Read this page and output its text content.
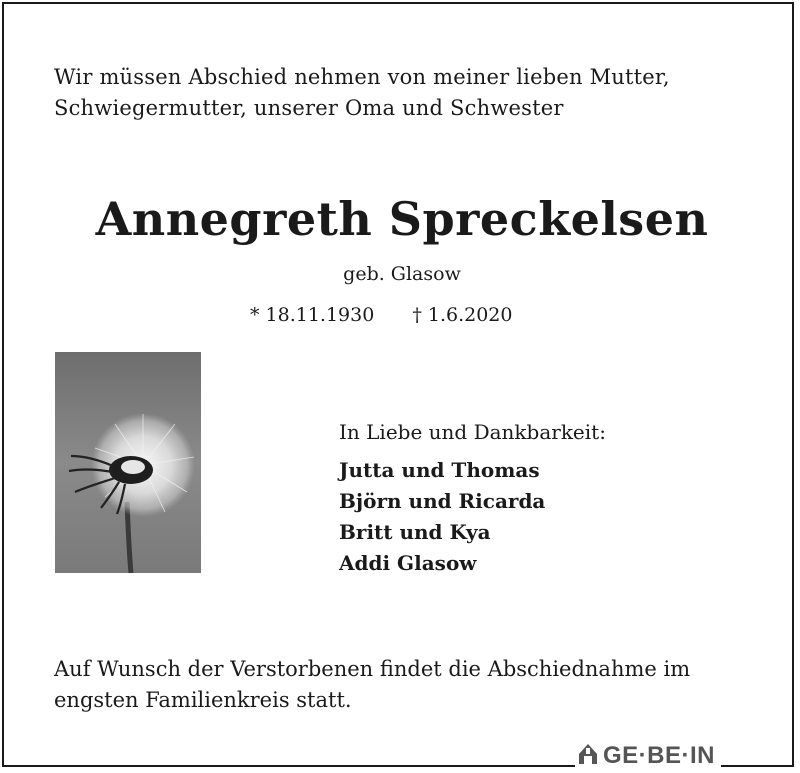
Wir müssen Abschied nehmen von meiner lieben Mutter, Schwiegermutter, unserer Oma und Schwester
Annegreth Spreckelsen
geb. Glasow
* 18.11.1930 † 1.6.2020
In Liebe und Dankbarkeit:
Jutta und Thomas
Björn und Ricarda
Britt und Kya
Addi Glasow
Auf Wunsch der Verstorbenen findet die Abschiednahme im engsten Familienkreis statt.
GE·BE·IN
